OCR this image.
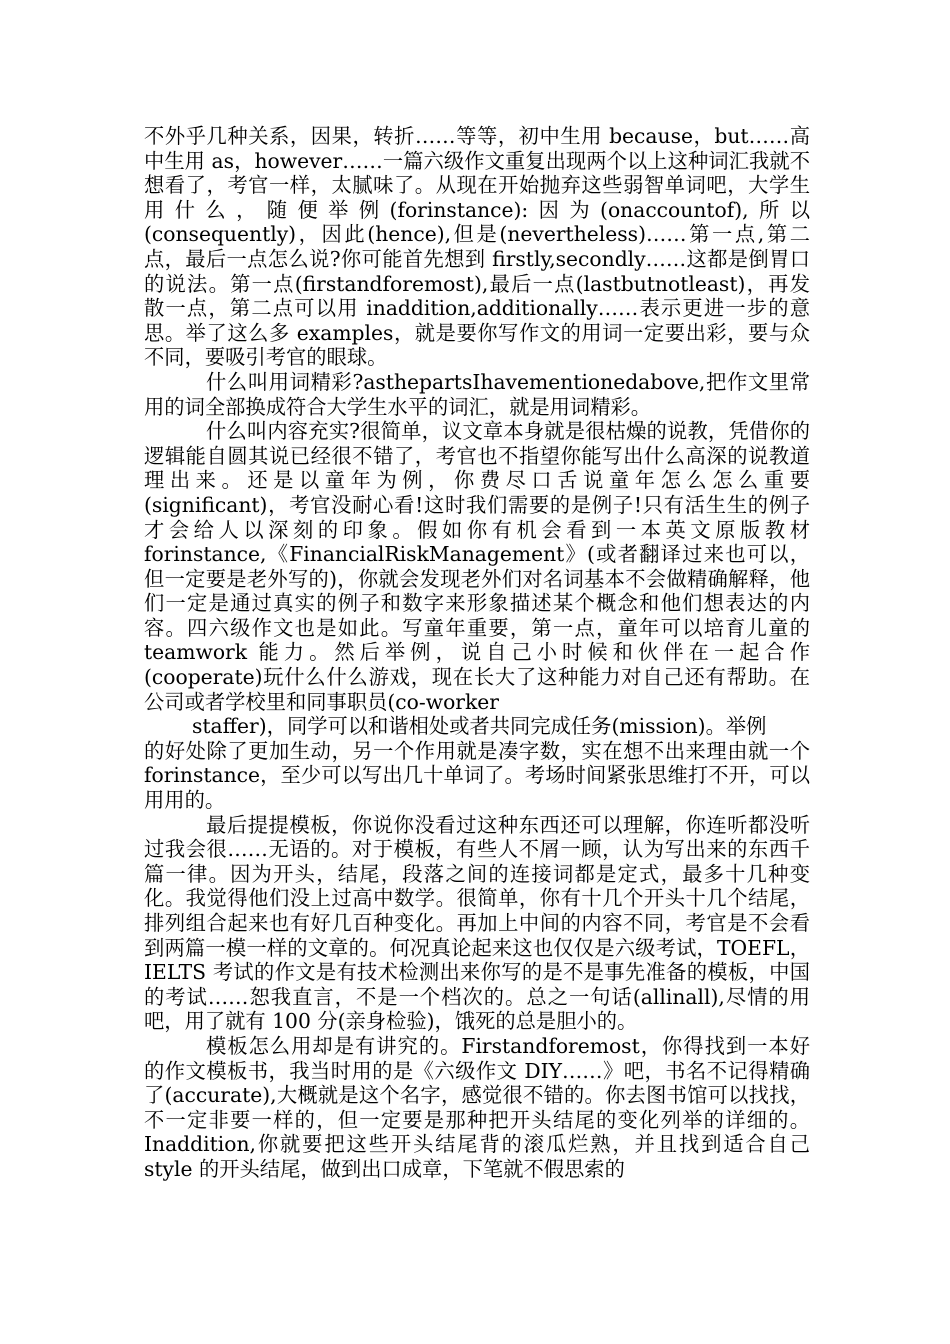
不外乎几种关系，因果，转折……等等，初中生用 because，but……高中生用 as，however……一篇六级作文重复出现两个以上这种词汇我就不想看了，考官一样，太腻味了。从现在开始抛弃这些弱智单词吧，大学生用什么，随便举例(forinstance):因为(onaccountof),所以(consequently)，因此(hence),但是(nevertheless)……第一点,第二点，最后一点怎么说?你可能首先想到 firstly,secondly……这都是倒胃口的说法。第一点(firstandforemost),最后一点(lastbutnotleast)，再发散一点，第二点可以用 inaddition,additionally……表示更进一步的意思。举了这么多 examples，就是要你写作文的用词一定要出彩，要与众不同，要吸引考官的眼球。

什么叫用词精彩?asthepartsIhavementionedabove,把作文里常用的词全部换成符合大学生水平的词汇，就是用词精彩。

什么叫内容充实?很简单，议文章本身就是很枯燥的说教，凭借你的逻辑能自圆其说已经很不错了，考官也不指望你能写出什么高深的说教道理出来。还是以童年为例，你费尽口舌说童年怎么怎么重要(significant)，考官没耐心看!这时我们需要的是例子!只有活生生的例子才会给人以深刻的印象。假如你有机会看到一本英文原版教材 forinstance,《FinancialRiskManagement》(或者翻译过来也可以，但一定要是老外写的)，你就会发现老外们对名词基本不会做精确解释，他们一定是通过真实的例子和数字来形象描述某个概念和他们想表达的内容。四六级作文也是如此。写童年重要，第一点，童年可以培育儿童的 teamwork 能力。然后举例，说自己小时候和伙伴在一起合作(cooperate)玩什么什么游戏，现在长大了这种能力对自己还有帮助。在公司或者学校里和同事职员(co-worker

staffer)，同学可以和谐相处或者共同完成任务(mission)。举例

的好处除了更加生动，另一个作用就是凑字数，实在想不出来理由就一个 forinstance，至少可以写出几十单词了。考场时间紧张思维打不开，可以用用的。

最后提提模板，你说你没看过这种东西还可以理解，你连听都没听过我会很……无语的。对于模板，有些人不屑一顾，认为写出来的东西千篇一律。因为开头，结尾，段落之间的连接词都是定式，最多十几种变化。我觉得他们没上过高中数学。很简单，你有十几个开头十几个结尾，排列组合起来也有好几百种变化。再加上中间的内容不同，考官是不会看到两篇一模一样的文章的。何况真论起来这也仅仅是六级考试，TOEFL，IELTS 考试的作文是有技术检测出来你写的是不是事先准备的模板，中国的考试……恕我直言，不是一个档次的。总之一句话(allinall),尽情的用吧，用了就有 100 分(亲身检验)，饿死的总是胆小的。

模板怎么用却是有讲究的。Firstandforemost，你得找到一本好的作文模板书，我当时用的是《六级作文 DIY……》吧，书名不记得精确了(accurate),大概就是这个名字，感觉很不错的。你去图书馆可以找找，不一定非要一样的，但一定要是那种把开头结尾的变化列举的详细的。Inaddition,你就要把这些开头结尾背的滚瓜烂熟，并且找到适合自己 style 的开头结尾，做到出口成章，下笔就不假思索的
